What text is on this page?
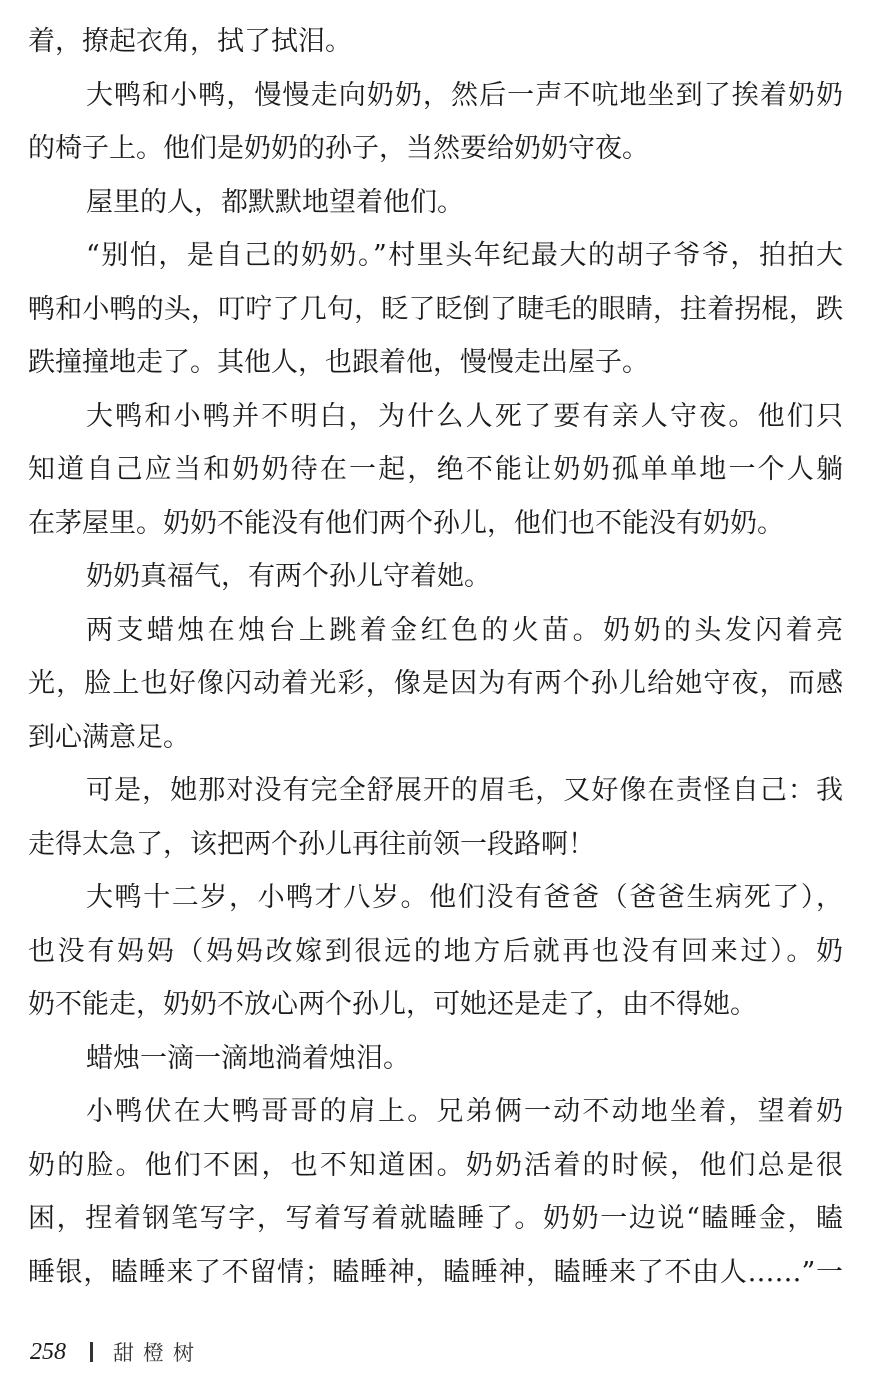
着，撩起衣角，拭了拭泪。
大鸭和小鸭，慢慢走向奶奶，然后一声不吭地坐到了挨着奶奶
的椅子上。他们是奶奶的孙子，当然要给奶奶守夜。
屋里的人，都默默地望着他们。
“别怕，是自己的奶奶。”村里头年纪最大的胡子爷爷，拍拍大
鸭和小鸭的头，叮咛了几句，眨了眨倒了睫毛的眼睛，拄着拐棍，跌
跌撞撞地走了。其他人，也跟着他，慢慢走出屋子。
大鸭和小鸭并不明白，为什么人死了要有亲人守夜。他们只
知道自己应当和奶奶待在一起，绝不能让奶奶孤单单地一个人躺
在茅屋里。奶奶不能没有他们两个孙儿，他们也不能没有奶奶。
奶奶真福气，有两个孙儿守着她。
两支蜡烛在烛台上跳着金红色的火苗。奶奶的头发闪着亮
光，脸上也好像闪动着光彩，像是因为有两个孙儿给她守夜，而感
到心满意足。
可是，她那对没有完全舒展开的眉毛，又好像在责怪自己：我
走得太急了，该把两个孙儿再往前领一段路啊！
大鸭十二岁，小鸭才八岁。他们没有爸爸（爸爸生病死了），
也没有妈妈（妈妈改嫁到很远的地方后就再也没有回来过）。奶
奶不能走，奶奶不放心两个孙儿，可她还是走了，由不得她。
蜡烛一滴一滴地淌着烛泪。
小鸭伏在大鸭哥哥的肩上。兄弟俩一动不动地坐着，望着奶
奶的脸。他们不困，也不知道困。奶奶活着的时候，他们总是很
困，捏着钢笔写字，写着写着就瞌睡了。奶奶一边说“瞌睡金，瞌
睡银，瞌睡来了不留情；瞌睡神，瞌睡神，瞌睡来了不由人……”一
258 甜橙树
